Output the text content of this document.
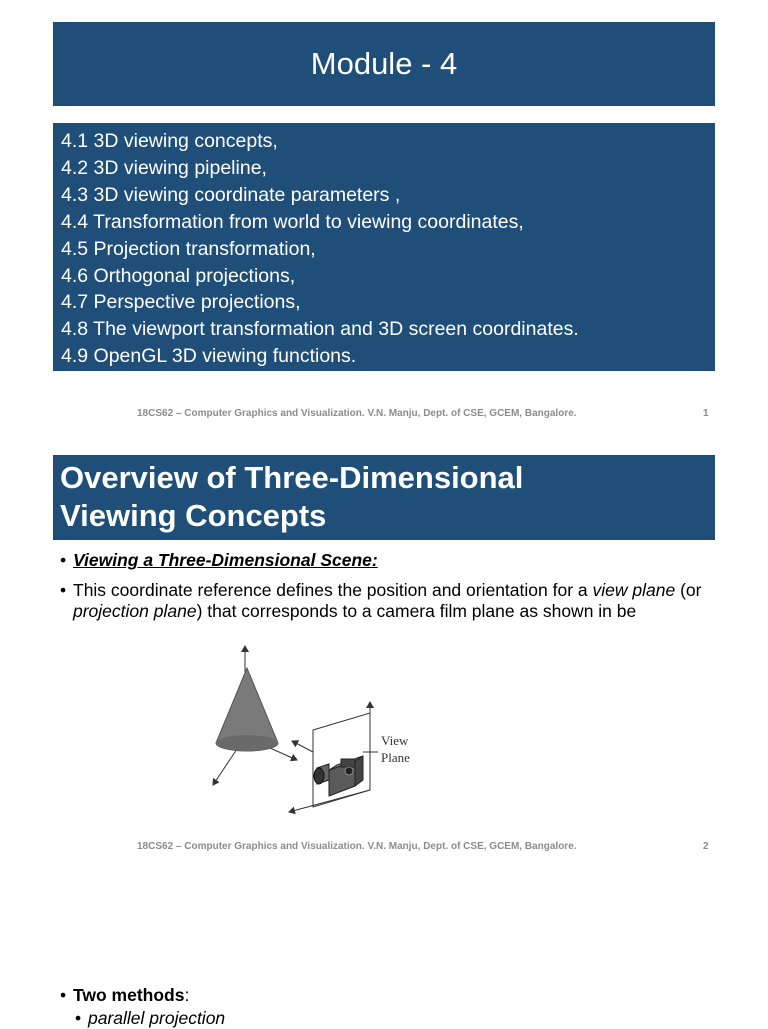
Module - 4
4.1 3D viewing concepts,
4.2 3D viewing pipeline,
4.3 3D viewing coordinate parameters ,
4.4 Transformation from world to viewing coordinates,
4.5 Projection transformation,
4.6 Orthogonal projections,
4.7 Perspective projections,
4.8 The viewport transformation and 3D screen coordinates.
4.9 OpenGL 3D viewing functions.
18CS62 – Computer Graphics and Visualization. V.N. Manju, Dept. of CSE, GCEM, Bangalore.	1
Overview of Three-Dimensional
Viewing Concepts
• Viewing a Three-Dimensional Scene:
• This coordinate reference defines the position and orientation for a view plane (or projection plane) that corresponds to a camera film plane as shown in be
View
Plane
18CS62 – Computer Graphics and Visualization. V.N. Manju, Dept. of CSE, GCEM, Bangalore.	2
• Two methods:
• parallel projection
